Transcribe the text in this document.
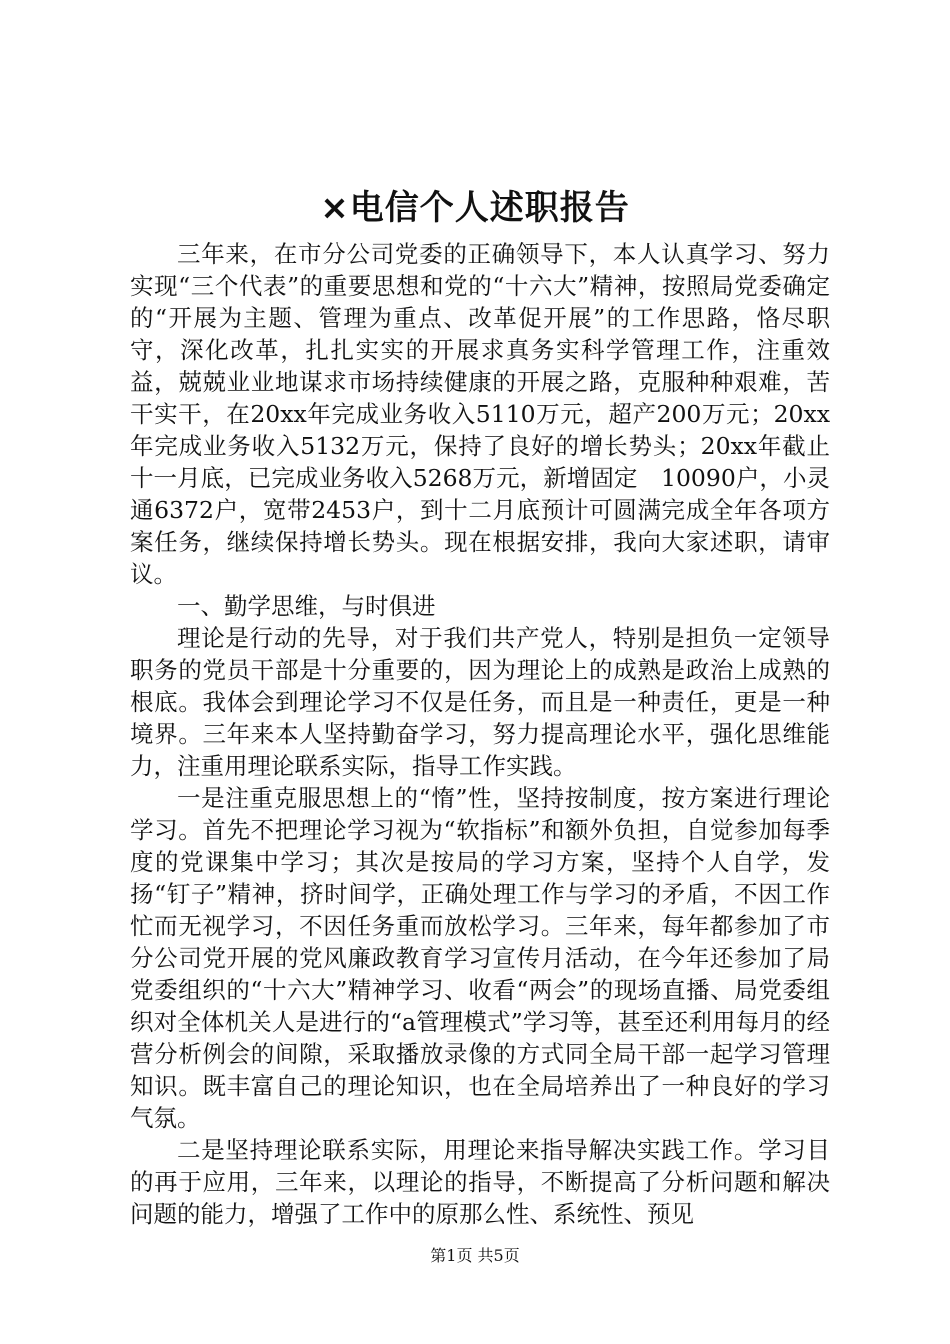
×电信个人述职报告

三年来，在市分公司党委的正确领导下，本人认真学习、努力实现“三个代表”的重要思想和党的“十六大”精神，按照局党委确定的“开展为主题、管理为重点、改革促开展”的工作思路，恪尽职守，深化改革，扎扎实实的开展求真务实科学管理工作，注重效益，兢兢业业地谋求市场持续健康的开展之路，克服种种艰难，苦干实干，在20xx年完成业务收入5110万元，超产200万元；20xx年完成业务收入5132万元，保持了良好的增长势头；20xx年截止十一月底，已完成业务收入5268万元，新增固定　10090户，小灵通6372户，宽带2453户，到十二月底预计可圆满完成全年各项方案任务，继续保持增长势头。现在根据安排，我向大家述职，请审议。

一、勤学思维，与时俱进

理论是行动的先导，对于我们共产党人，特别是担负一定领导职务的党员干部是十分重要的，因为理论上的成熟是政治上成熟的根底。我体会到理论学习不仅是任务，而且是一种责任，更是一种境界。三年来本人坚持勤奋学习，努力提高理论水平，强化思维能力，注重用理论联系实际，指导工作实践。

一是注重克服思想上的“惰”性，坚持按制度，按方案进行理论学习。首先不把理论学习视为“软指标”和额外负担，自觉参加每季度的党课集中学习；其次是按局的学习方案，坚持个人自学，发扬“钉子”精神，挤时间学，正确处理工作与学习的矛盾，不因工作忙而无视学习，不因任务重而放松学习。三年来，每年都参加了市分公司党开展的党风廉政教育学习宣传月活动，在今年还参加了局党委组织的“十六大”精神学习、收看“两会”的现场直播、局党委组织对全体机关人是进行的“a管理模式”学习等，甚至还利用每月的经营分析例会的间隙，采取播放录像的方式同全局干部一起学习管理知识。既丰富自己的理论知识，也在全局培养出了一种良好的学习气氛。

二是坚持理论联系实际，用理论来指导解决实践工作。学习目的再于应用，三年来，以理论的指导，不断提高了分析问题和解决问题的能力，增强了工作中的原那么性、系统性、预见

第1页 共5页
